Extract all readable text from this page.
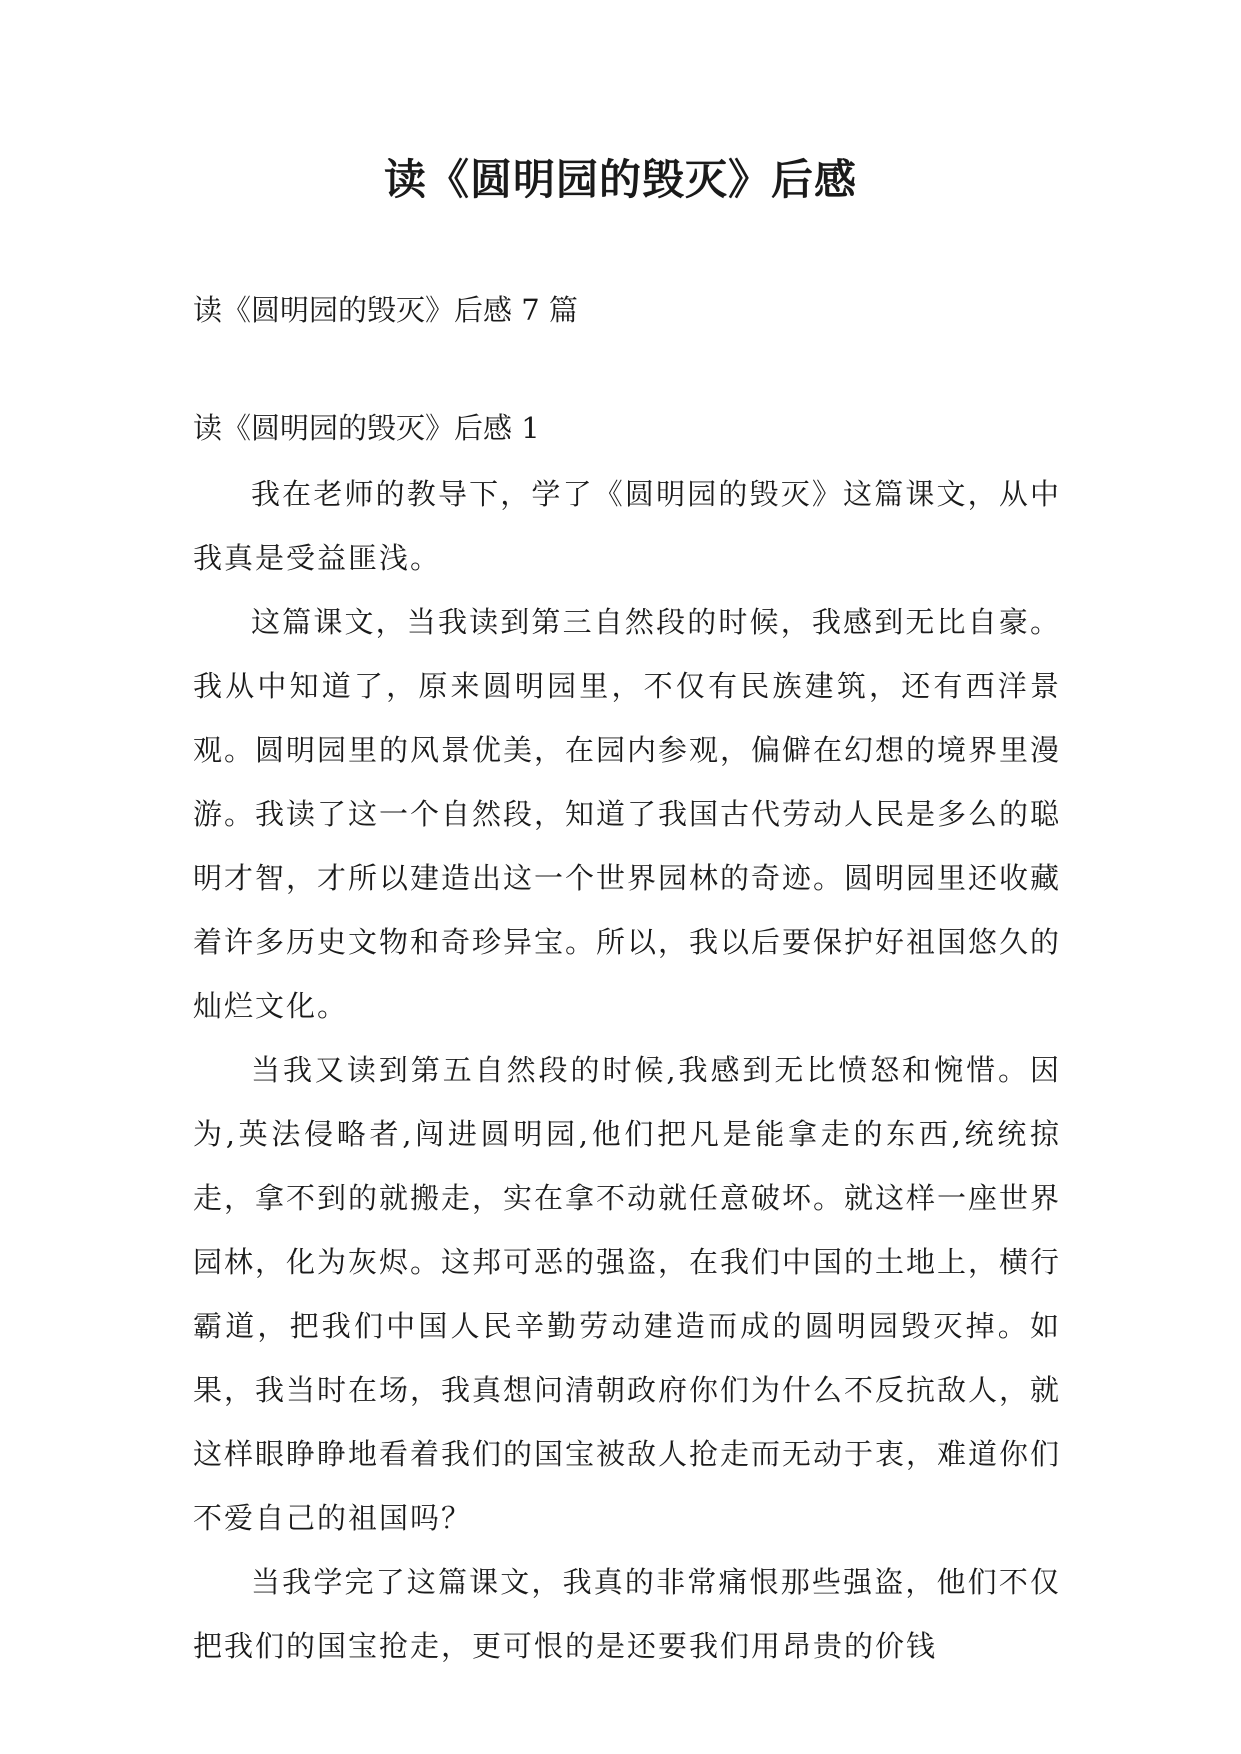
读《圆明园的毁灭》后感
读《圆明园的毁灭》后感 7 篇
读《圆明园的毁灭》后感 1

我在老师的教导下，学了《圆明园的毁灭》这篇课文，从中我真是受益匪浅。

这篇课文，当我读到第三自然段的时候，我感到无比自豪。我从中知道了，原来圆明园里，不仅有民族建筑，还有西洋景观。圆明园里的风景优美，在园内参观，偏僻在幻想的境界里漫游。我读了这一个自然段，知道了我国古代劳动人民是多么的聪明才智，才所以建造出这一个世界园林的奇迹。圆明园里还收藏着许多历史文物和奇珍异宝。所以，我以后要保护好祖国悠久的灿烂文化。

当我又读到第五自然段的时候,我感到无比愤怒和惋惜。因为,英法侵略者,闯进圆明园,他们把凡是能拿走的东西,统统掠走，拿不到的就搬走，实在拿不动就任意破坏。就这样一座世界园林，化为灰烬。这邦可恶的强盗，在我们中国的土地上，横行霸道，把我们中国人民辛勤劳动建造而成的圆明园毁灭掉。如果，我当时在场，我真想问清朝政府你们为什么不反抗敌人，就这样眼睁睁地看着我们的国宝被敌人抢走而无动于衷，难道你们不爱自己的祖国吗？

当我学完了这篇课文，我真的非常痛恨那些强盗，他们不仅把我们的国宝抢走，更可恨的是还要我们用昂贵的价钱
